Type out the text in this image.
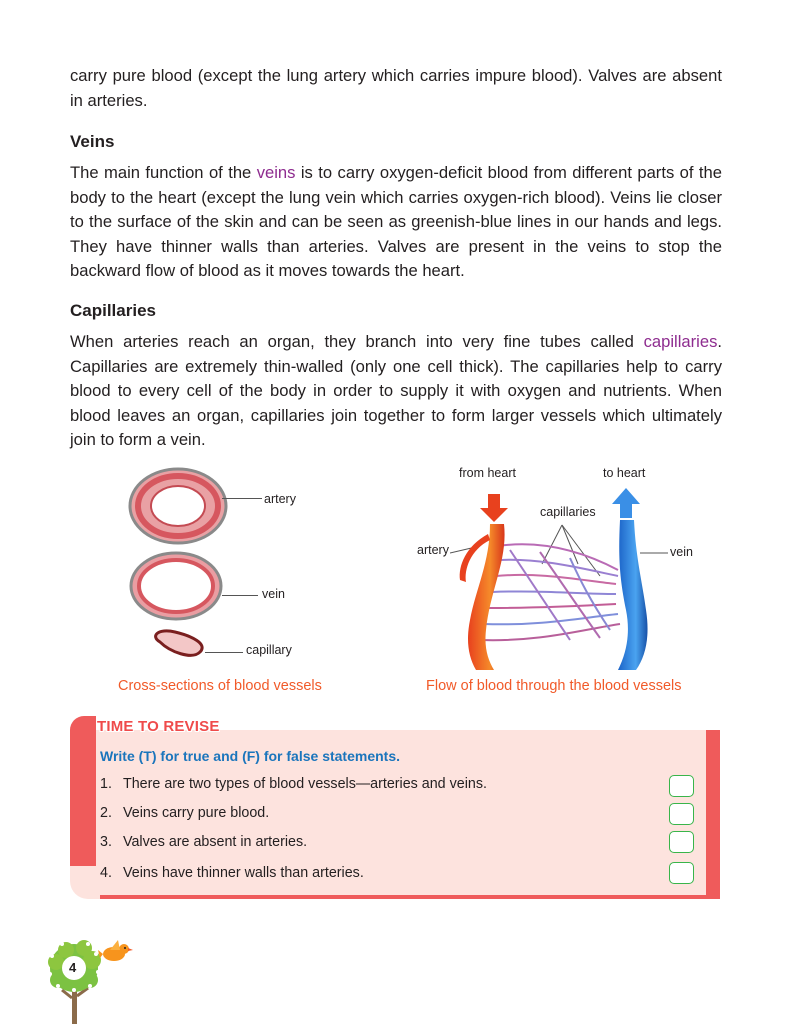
carry pure blood (except the lung artery which carries impure blood). Valves are absent in arteries.

Veins

The main function of the veins is to carry oxygen-deficit blood from different parts of the body to the heart (except the lung vein which carries oxygen-rich blood). Veins lie closer to the surface of the skin and can be seen as greenish-blue lines in our hands and legs. They have thinner walls than arteries. Valves are present in the veins to stop the backward flow of blood as it moves towards the heart.

Capillaries

When arteries reach an organ, they branch into very fine tubes called capillaries. Capillaries are extremely thin-walled (only one cell thick). The capillaries help to carry blood to every cell of the body in order to supply it with oxygen and nutrients. When blood leaves an organ, capillaries join together to form larger vessels which ultimately join to form a vein.

artery
vein
capillary
Cross-sections of blood vessels
from heart	to heart
capillaries
artery	vein
Flow of blood through the blood vessels
TIME TO REVISE
Write (T) for true and (F) for false statements.
1. There are two types of blood vessels—arteries and veins.
2. Veins carry pure blood.
3. Valves are absent in arteries.
4. Veins have thinner walls than arteries.
4
